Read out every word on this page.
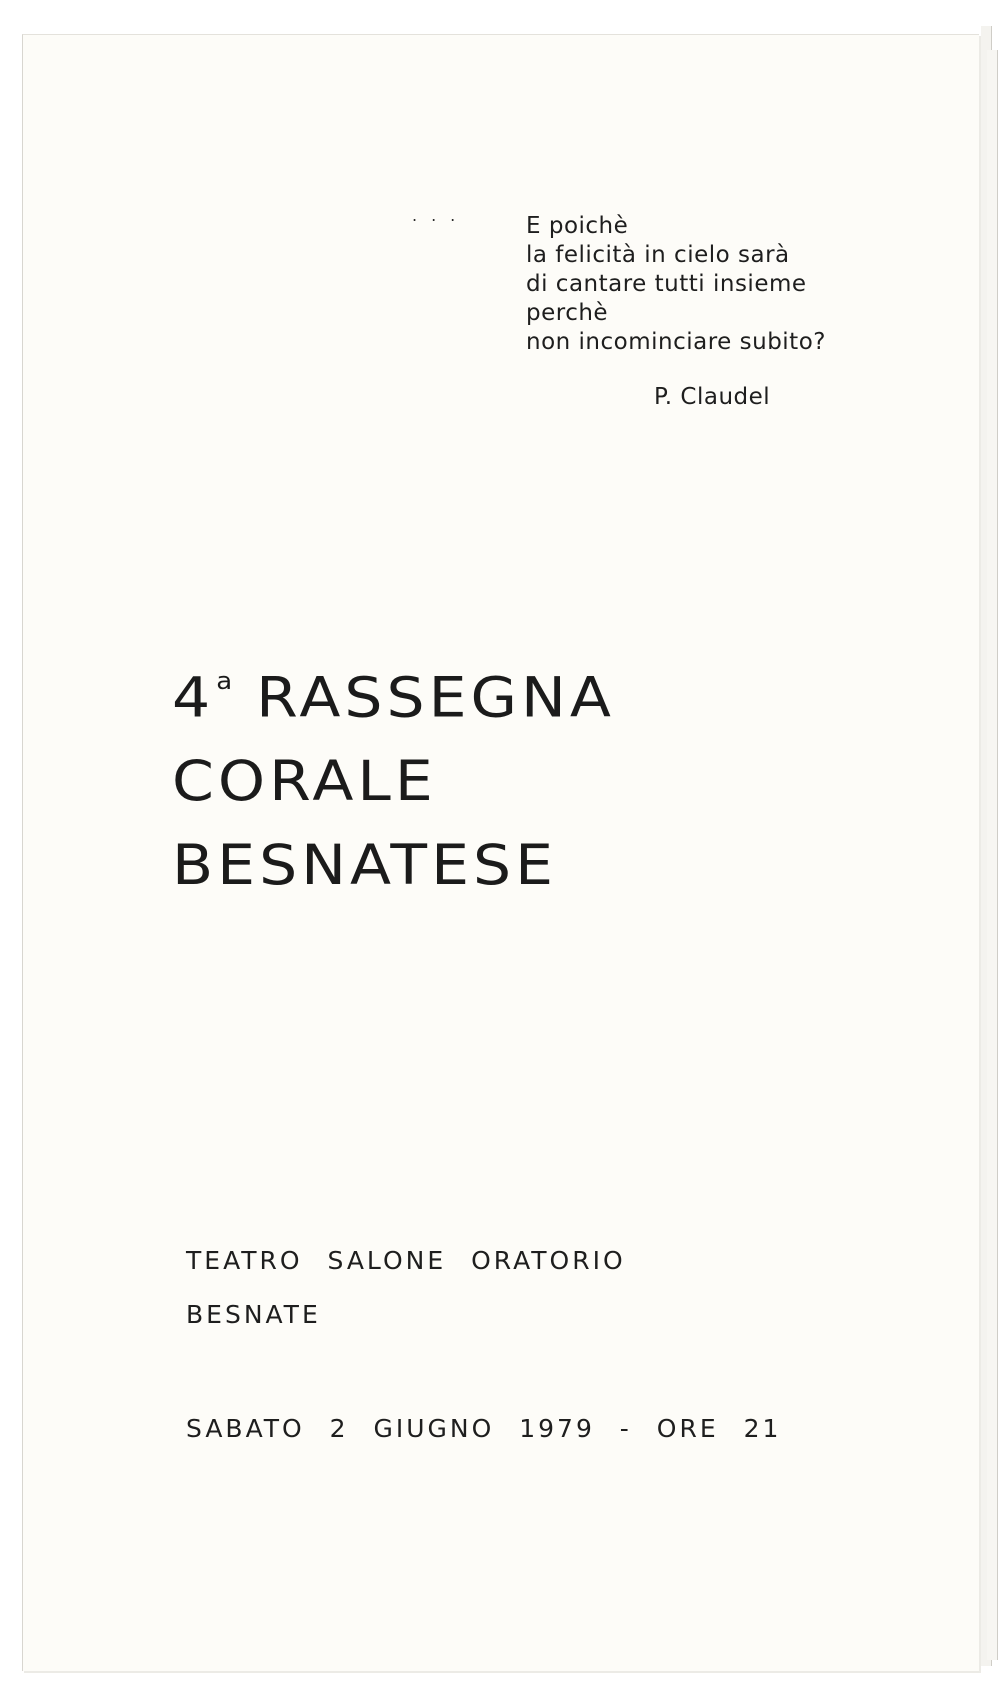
... E poichè
la felicità in cielo sarà
di cantare tutti insieme
perchè
non incominciare subito?
P. Claudel
4$^a$ RASSEGNA
CORALE
BESNATESE
TEATRO SALONE ORATORIO
BESNATE
SABATO 2 GIUGNO 1979 - ORE 21
